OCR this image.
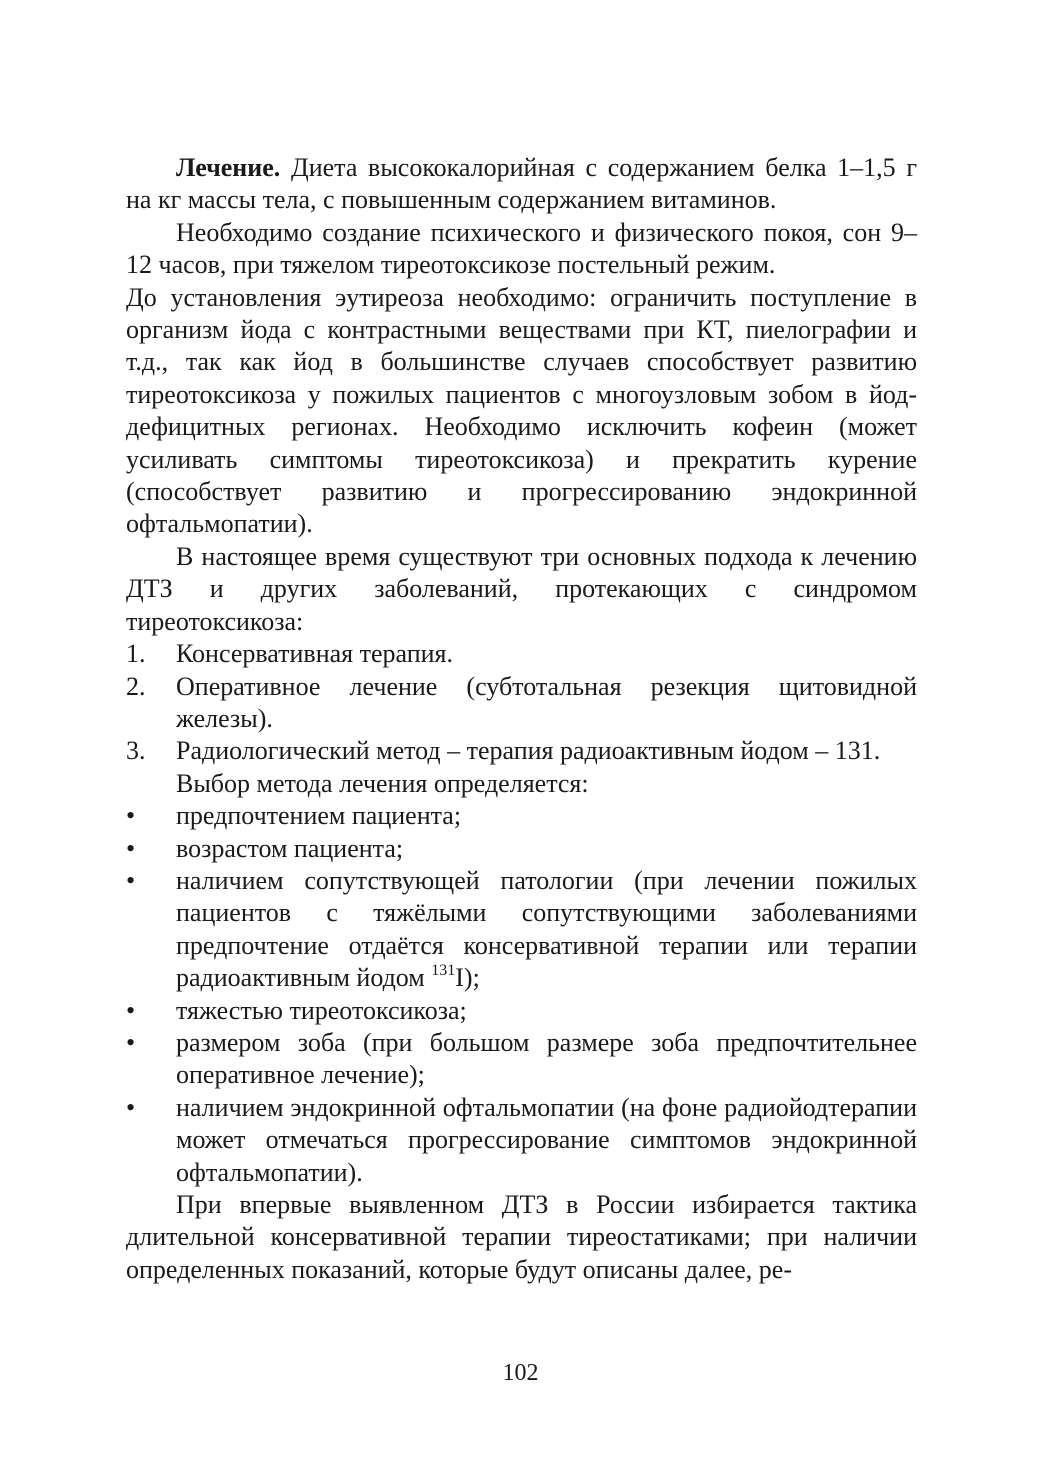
Лечение. Диета высококалорийная с содержанием белка 1–1,5 г на кг массы тела, с повышенным содержанием витаминов.

Необходимо создание психического и физического покоя, сон 9–12 часов, при тяжелом тиреотоксикозе постельный режим.

До установления эутиреоза необходимо: ограничить поступление в организм йода с контрастными веществами при КТ, пиелографии и т.д., так как йод в большинстве случаев способствует развитию тиреотоксикоза у пожилых пациентов с многоузловым зобом в йод-дефицитных регионах. Необходимо исключить кофеин (может усиливать симптомы тиреотоксикоза) и прекратить курение (способствует развитию и прогрессированию эндокринной офтальмопатии).

В настоящее время существуют три основных подхода к лечению ДТЗ и других заболеваний, протекающих с синдромом тиреотоксикоза:

1. Консервативная терапия.
2. Оперативное лечение (субтотальная резекция щитовидной железы).
3. Радиологический метод – терапия радиоактивным йодом – 131.

Выбор метода лечения определяется:

• предпочтением пациента;
• возрастом пациента;
• наличием сопутствующей патологии (при лечении пожилых пациентов с тяжёлыми сопутствующими заболеваниями предпочтение отдаётся консервативной терапии или терапии радиоактивным йодом $^{131}$I);
• тяжестью тиреотоксикоза;
• размером зоба (при большом размере зоба предпочтительнее оперативное лечение);
• наличием эндокринной офтальмопатии (на фоне радиойодтерапии может отмечаться прогрессирование симптомов эндокринной офтальмопатии).

При впервые выявленном ДТЗ в России избирается тактика длительной консервативной терапии тиреостатиками; при наличии определенных показаний, которые будут описаны далее, ре-

102
